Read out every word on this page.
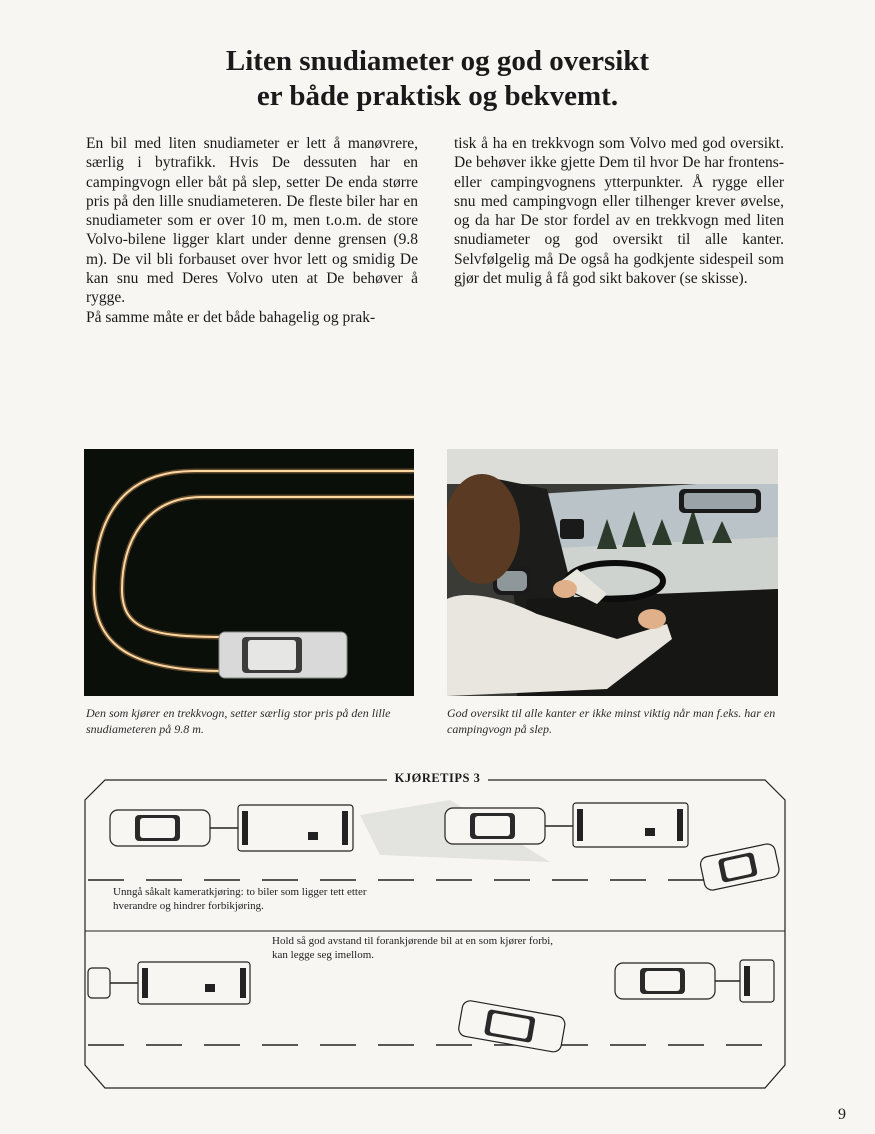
Liten snudiameter og god oversikt
er både praktisk og bekvemt.

En bil med liten snudiameter er lett å manøvrere, særlig i bytrafikk. Hvis De dessuten har en campingvogn eller båt på slep, setter De enda større pris på den lille snudiameteren. De fleste biler har en snudiameter som er over 10 m, men t.o.m. de store Volvo-bilene ligger klart under denne grensen (9.8 m). De vil bli forbauset over hvor lett og smidig De kan snu med Deres Volvo uten at De behøver å rygge.

På samme måte er det både bahagelig og prak-

tisk å ha en trekkvogn som Volvo med god oversikt. De behøver ikke gjette Dem til hvor De har frontens- eller campingvognens ytterpunkter. Å rygge eller snu med campingvogn eller tilhenger krever øvelse, og da har De stor fordel av en trekkvogn med liten snudiameter og god oversikt til alle kanter. Selvfølgelig må De også ha godkjente sidespeil som gjør det mulig å få god sikt bakover (se skisse).

Den som kjører en trekkvogn, setter særlig stor pris på den lille snudiameteren på 9.8 m.

God oversikt til alle kanter er ikke minst viktig når man f.eks. har en campingvogn på slep.

KJØRETIPS 3

Unngå såkalt kameratkjøring: to biler som ligger tett etter hverandre og hindrer forbikjøring.

Hold så god avstand til forankjørende bil at en som kjører forbi, kan legge seg imellom.

9
